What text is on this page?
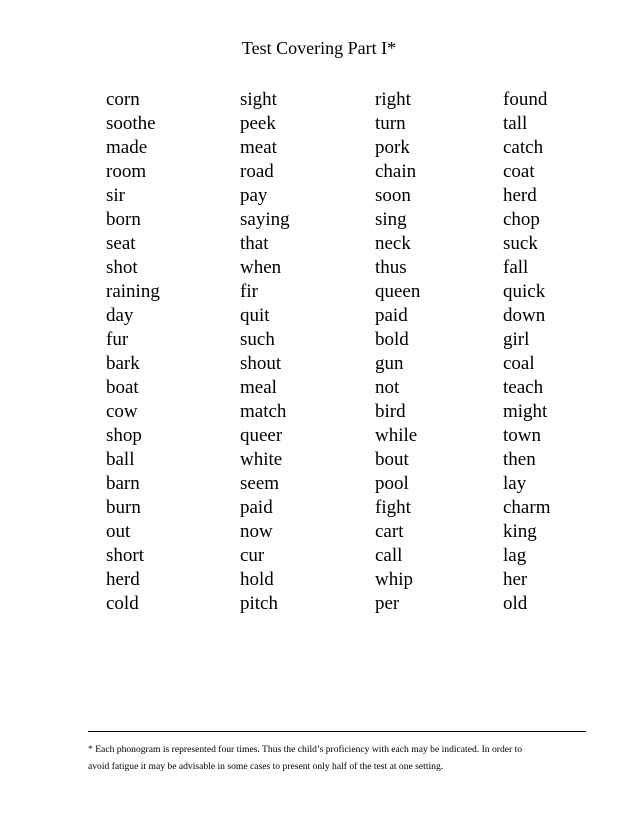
Test Covering Part I*
corn
soothe
made
room
sir
born
seat
shot
raining
day
fur
bark
boat
cow
shop
ball
barn
burn
out
short
herd
cold
sight
peek
meat
road
pay
saying
that
when
fir
quit
such
shout
meal
match
queer
white
seem
paid
now
cur
hold
pitch
right
turn
pork
chain
soon
sing
neck
thus
queen
paid
bold
gun
not
bird
while
bout
pool
fight
cart
call
whip
per
found
tall
catch
coat
herd
chop
suck
fall
quick
down
girl
coal
teach
might
town
then
lay
charm
king
lag
her
old
* Each phonogram is represented four times. Thus the child’s proficiency with each may be indicated. In order to
avoid fatigue it may be advisable in some cases to present only half of the test at one setting.
